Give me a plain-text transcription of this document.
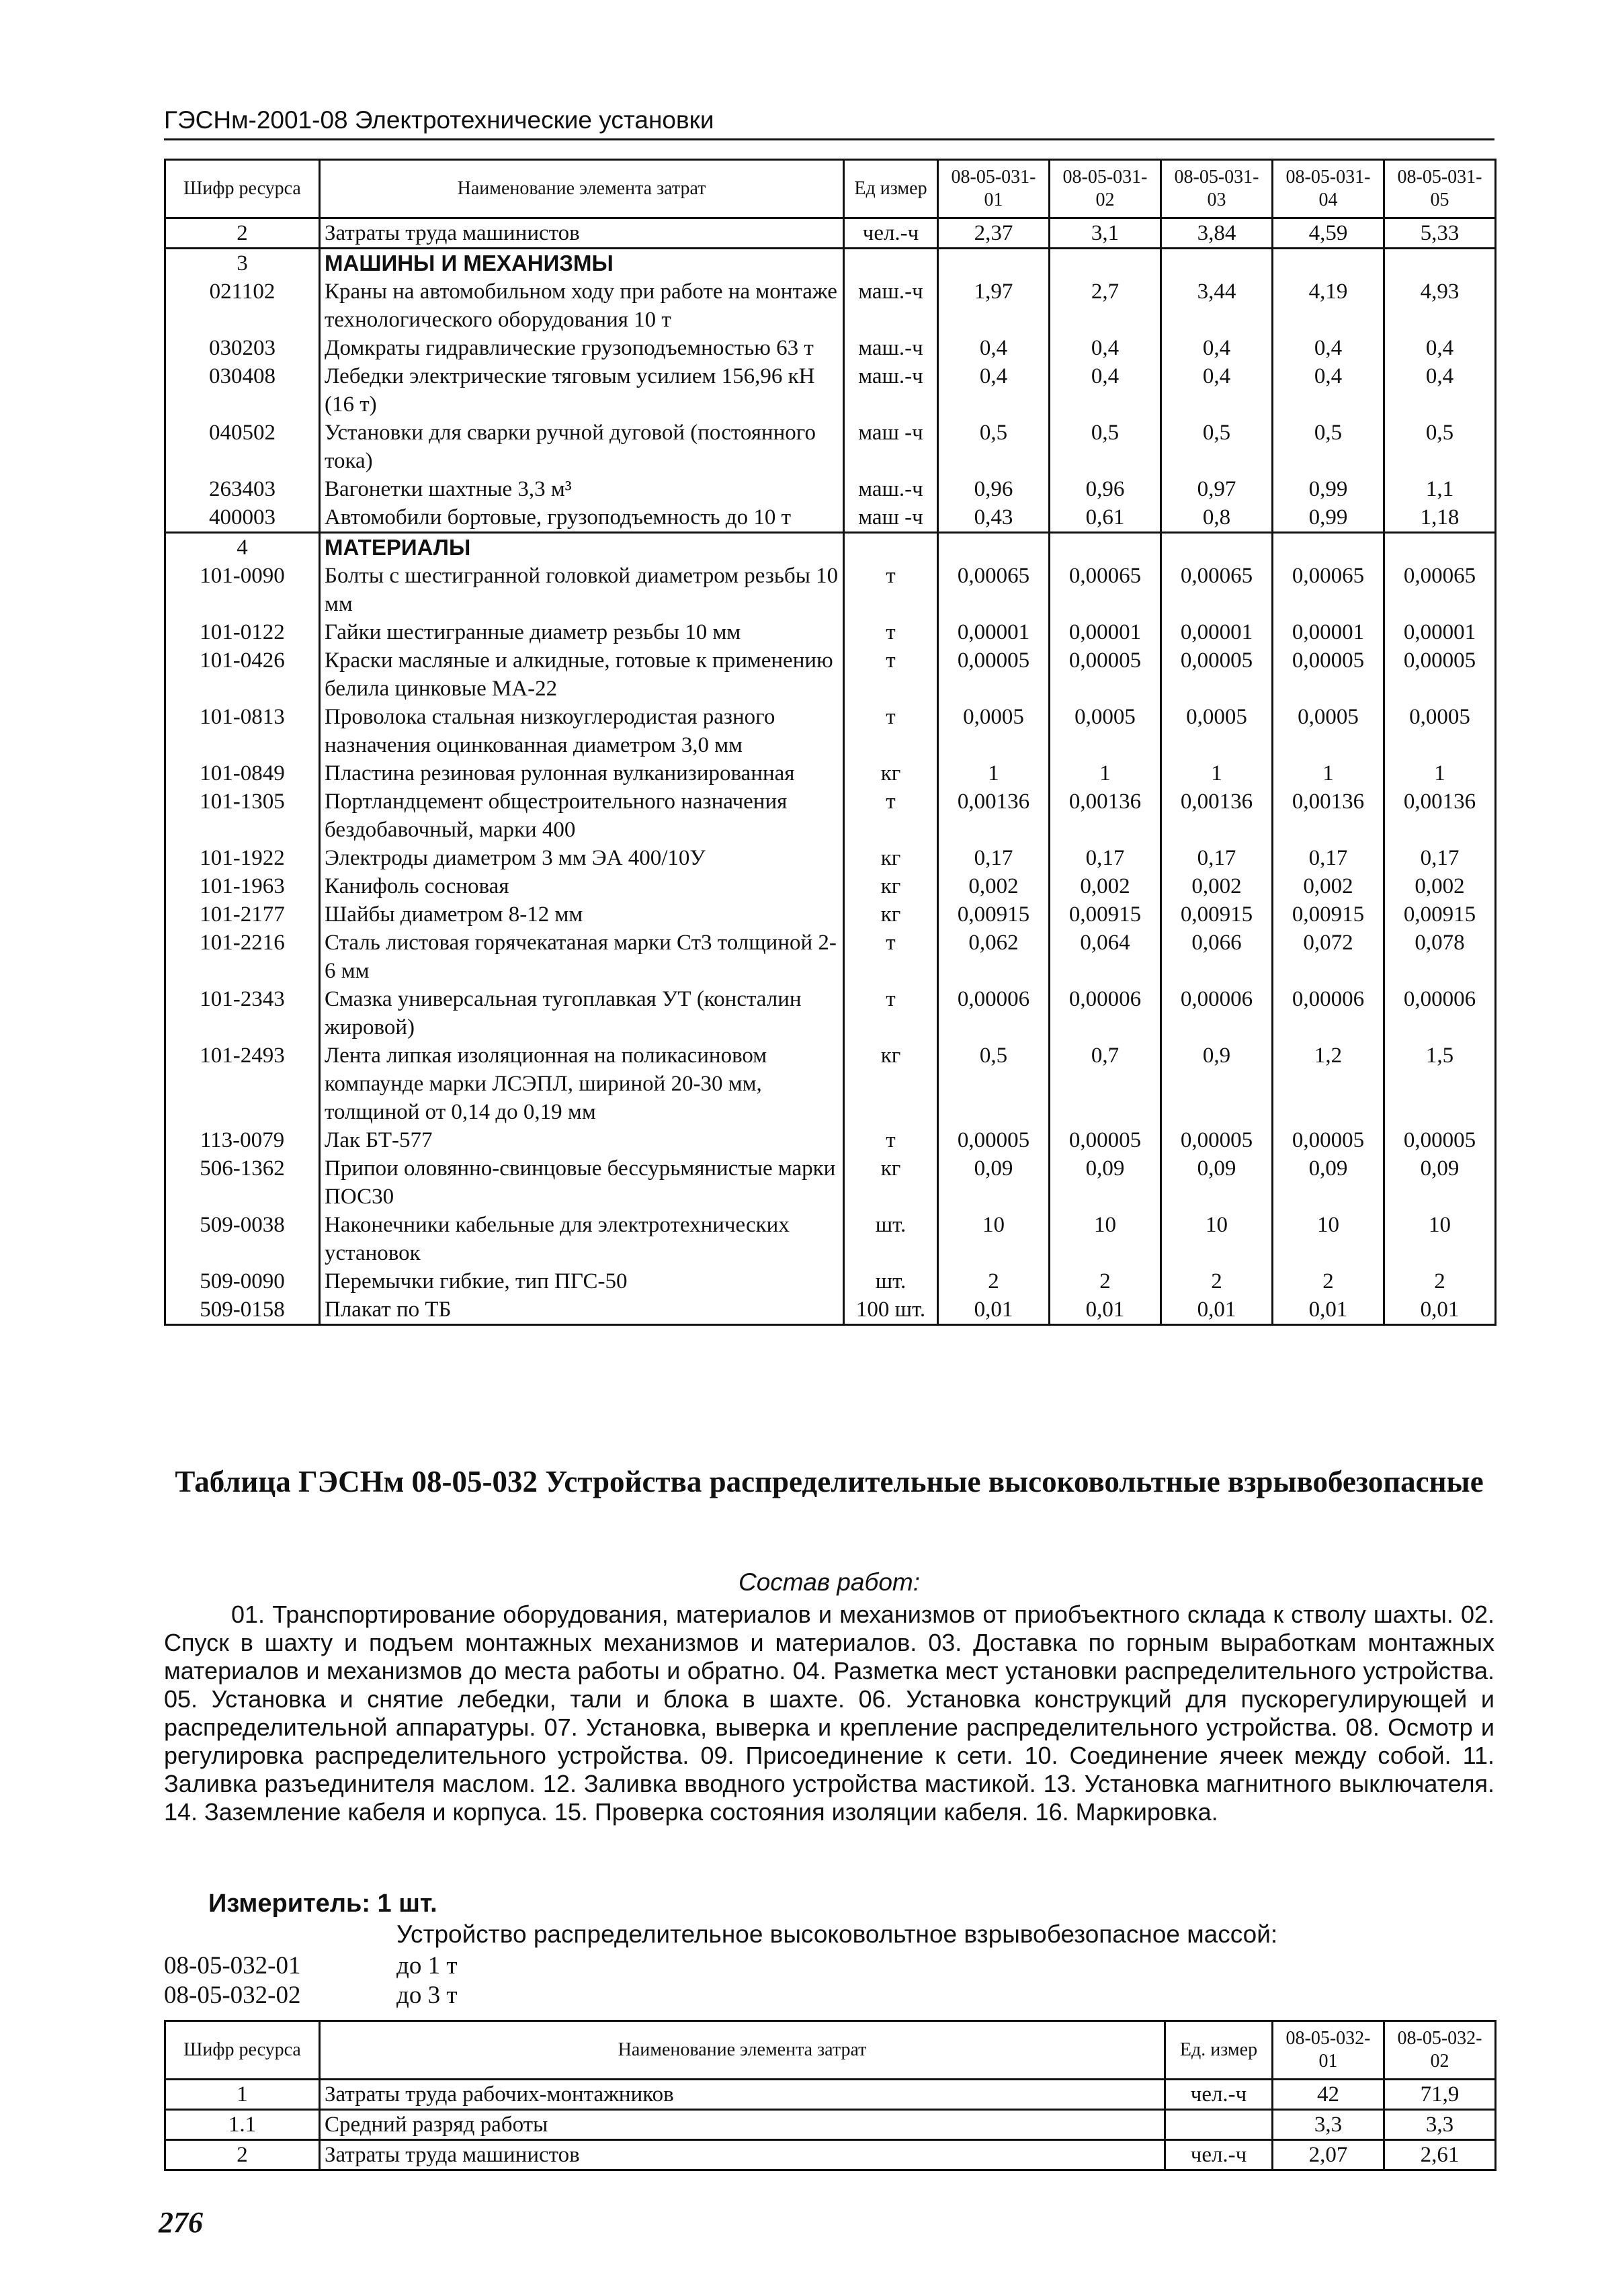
ГЭСНм-2001-08 Электротехнические установки
Шифр ресурса	Наименование элемента затрат	Ед измер	08-05-031-01	08-05-031-02	08-05-031-03	08-05-031-04	08-05-031-05
2	Затраты труда машинистов	чел.-ч	2,37	3,1	3,84	4,59	5,33
3	МАШИНЫ И МЕХАНИЗМЫ						
021102	Краны на автомобильном ходу при работе на монтаже технологического оборудования 10 т	маш.-ч	1,97	2,7	3,44	4,19	4,93
030203	Домкраты гидравлические грузоподъемностью 63 т	маш.-ч	0,4	0,4	0,4	0,4	0,4
030408	Лебедки электрические тяговым усилием 156,96 кН (16 т)	маш.-ч	0,4	0,4	0,4	0,4	0,4
040502	Установки для сварки ручной дуговой (постоянного тока)	маш -ч	0,5	0,5	0,5	0,5	0,5
263403	Вагонетки шахтные 3,3 м³	маш.-ч	0,96	0,96	0,97	0,99	1,1
400003	Автомобили бортовые, грузоподъемность до 10 т	маш -ч	0,43	0,61	0,8	0,99	1,18
4	МАТЕРИАЛЫ						
101-0090	Болты с шестигранной головкой диаметром резьбы 10 мм	т	0,00065	0,00065	0,00065	0,00065	0,00065
101-0122	Гайки шестигранные диаметр резьбы 10 мм	т	0,00001	0,00001	0,00001	0,00001	0,00001
101-0426	Краски масляные и алкидные, готовые к применению белила цинковые МА-22	т	0,00005	0,00005	0,00005	0,00005	0,00005
101-0813	Проволока стальная низкоуглеродистая разного назначения оцинкованная диаметром 3,0 мм	т	0,0005	0,0005	0,0005	0,0005	0,0005
101-0849	Пластина резиновая рулонная вулканизированная	кг	1	1	1	1	1
101-1305	Портландцемент общестроительного назначения бездобавочный, марки 400	т	0,00136	0,00136	0,00136	0,00136	0,00136
101-1922	Электроды диаметром 3 мм ЭА 400/10У	кг	0,17	0,17	0,17	0,17	0,17
101-1963	Канифоль сосновая	кг	0,002	0,002	0,002	0,002	0,002
101-2177	Шайбы диаметром 8-12 мм	кг	0,00915	0,00915	0,00915	0,00915	0,00915
101-2216	Сталь листовая горячекатаная марки Ст3 толщиной 2-6 мм	т	0,062	0,064	0,066	0,072	0,078
101-2343	Смазка универсальная тугоплавкая УТ (консталин жировой)	т	0,00006	0,00006	0,00006	0,00006	0,00006
101-2493	Лента липкая изоляционная на поликасиновом компаунде марки ЛСЭПЛ, шириной 20-30 мм, толщиной от 0,14 до 0,19 мм	кг	0,5	0,7	0,9	1,2	1,5
113-0079	Лак БТ-577	т	0,00005	0,00005	0,00005	0,00005	0,00005
506-1362	Припои оловянно-свинцовые бессурьмянистые марки ПОС30	кг	0,09	0,09	0,09	0,09	0,09
509-0038	Наконечники кабельные для электротехнических установок	шт.	10	10	10	10	10
509-0090	Перемычки гибкие, тип ПГС-50	шт.	2	2	2	2	2
509-0158	Плакат по ТБ	100 шт.	0,01	0,01	0,01	0,01	0,01
Таблица ГЭСНм 08-05-032 Устройства распределительные высоковольтные взрывобезопасные
Состав работ:
01. Транспортирование оборудования, материалов и механизмов от приобъектного склада к стволу шахты. 02. Спуск в шахту и подъем монтажных механизмов и материалов. 03. Доставка по горным выработкам монтажных материалов и механизмов до места работы и обратно. 04. Разметка мест установки распределительного устройства. 05. Установка и снятие лебедки, тали и блока в шахте. 06. Установка конструкций для пускорегулирующей и распределительной аппаратуры. 07. Установка, выверка и крепление распределительного устройства. 08. Осмотр и регулировка распределительного устройства. 09. Присоединение к сети. 10. Соединение ячеек между собой. 11. Заливка разъединителя маслом. 12. Заливка вводного устройства мастикой. 13. Установка магнитного выключателя. 14. Заземление кабеля и корпуса. 15. Проверка состояния изоляции кабеля. 16. Маркировка.
Измеритель: 1 шт.
Устройство распределительное высоковольтное взрывобезопасное массой:
08-05-032-01	до 1 т
08-05-032-02	до 3 т
Шифр ресурса	Наименование элемента затрат	Ед. измер	08-05-032-01	08-05-032-02
1	Затраты труда рабочих-монтажников	чел.-ч	42	71,9
1.1	Средний разряд работы		3,3	3,3
2	Затраты труда машинистов	чел.-ч	2,07	2,61
276
